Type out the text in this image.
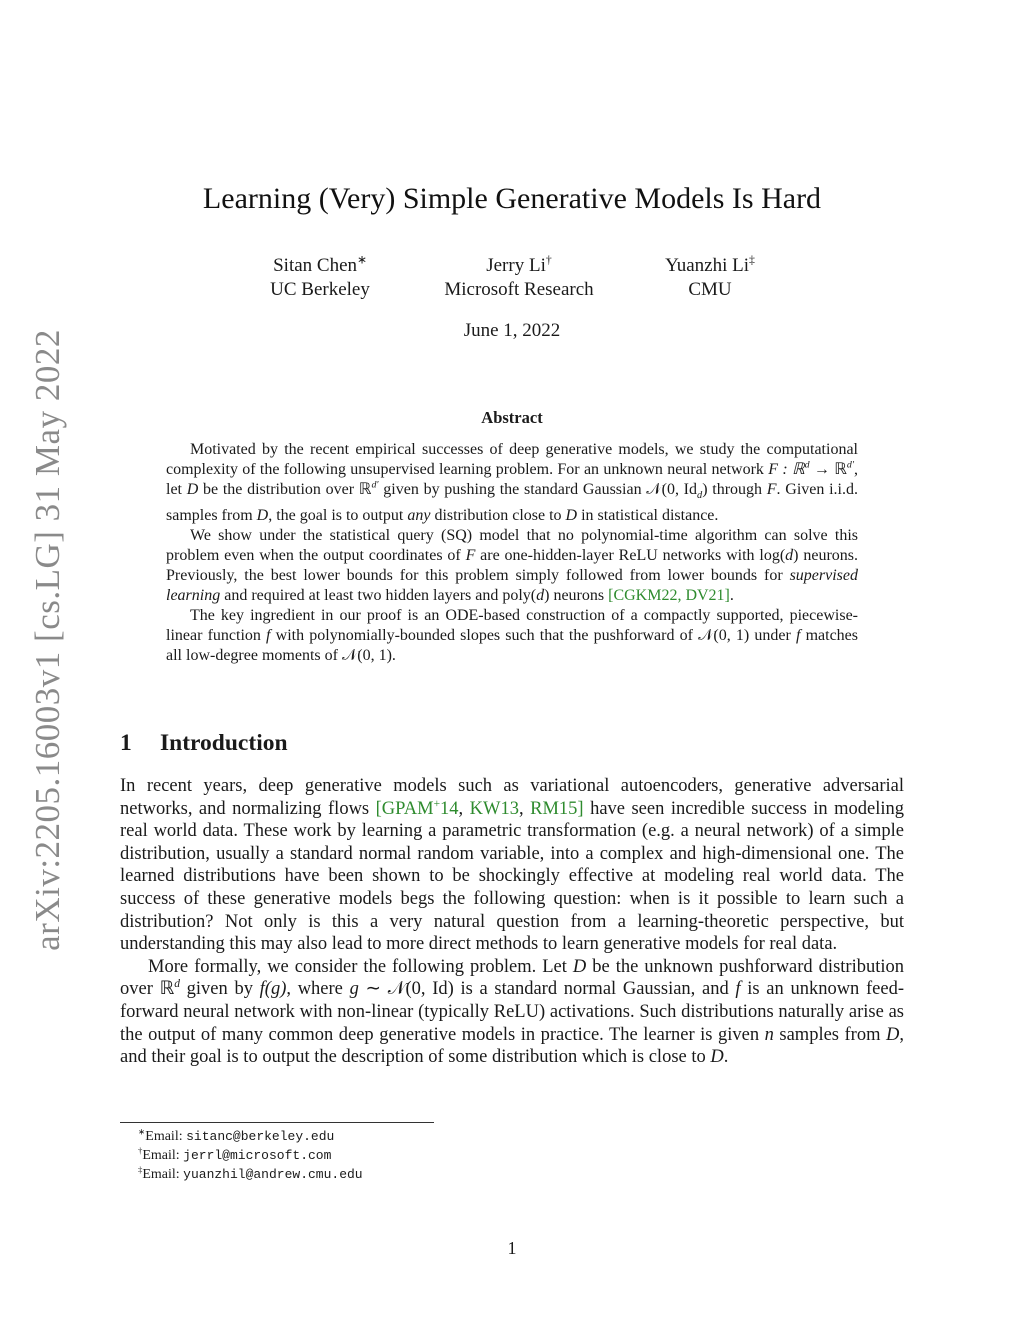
arXiv:2205.16003v1 [cs.LG] 31 May 2022
Learning (Very) Simple Generative Models Is Hard
Sitan Chen∗
UC Berkeley
Jerry Li†
Microsoft Research
Yuanzhi Li‡
CMU
June 1, 2022
Abstract

Motivated by the recent empirical successes of deep generative models, we study the computational complexity of the following unsupervised learning problem. For an unknown neural network F : ℝ$^d$ → ℝ$^{d'}$, let D be the distribution over ℝ$^{d'}$ given by pushing the standard Gaussian 𝒩(0, $Id_d$) through F. Given i.i.d. samples from D, the goal is to output any distribution close to D in statistical distance.

We show under the statistical query (SQ) model that no polynomial-time algorithm can solve this problem even when the output coordinates of F are one-hidden-layer ReLU networks with log(d) neurons. Previously, the best lower bounds for this problem simply followed from lower bounds for supervised learning and required at least two hidden layers and poly(d) neurons [CGKM22, DV21].

The key ingredient in our proof is an ODE-based construction of a compactly supported, piecewise-linear function f with polynomially-bounded slopes such that the pushforward of 𝒩(0, 1) under f matches all low-degree moments of 𝒩(0, 1).

1 Introduction

In recent years, deep generative models such as variational autoencoders, generative adversarial networks, and normalizing flows [GPAM+14, KW13, RM15] have seen incredible success in modeling real world data. These work by learning a parametric transformation (e.g. a neural network) of a simple distribution, usually a standard normal random variable, into a complex and high-dimensional one. The learned distributions have been shown to be shockingly effective at modeling real world data. The success of these generative models begs the following question: when is it possible to learn such a distribution? Not only is this a very natural question from a learning-theoretic perspective, but understanding this may also lead to more direct methods to learn generative models for real data.

More formally, we consider the following problem. Let D be the unknown pushforward distribution over ℝ$^d$ given by f(g), where g ∼ 𝒩(0, Id) is a standard normal Gaussian, and f is an unknown feed-forward neural network with non-linear (typically ReLU) activations. Such distributions naturally arise as the output of many common deep generative models in practice. The learner is given n samples from D, and their goal is to output the description of some distribution which is close to D.

∗Email: sitanc@berkeley.edu
†Email: jerrl@microsoft.com
‡Email: yuanzhil@andrew.cmu.edu
1
